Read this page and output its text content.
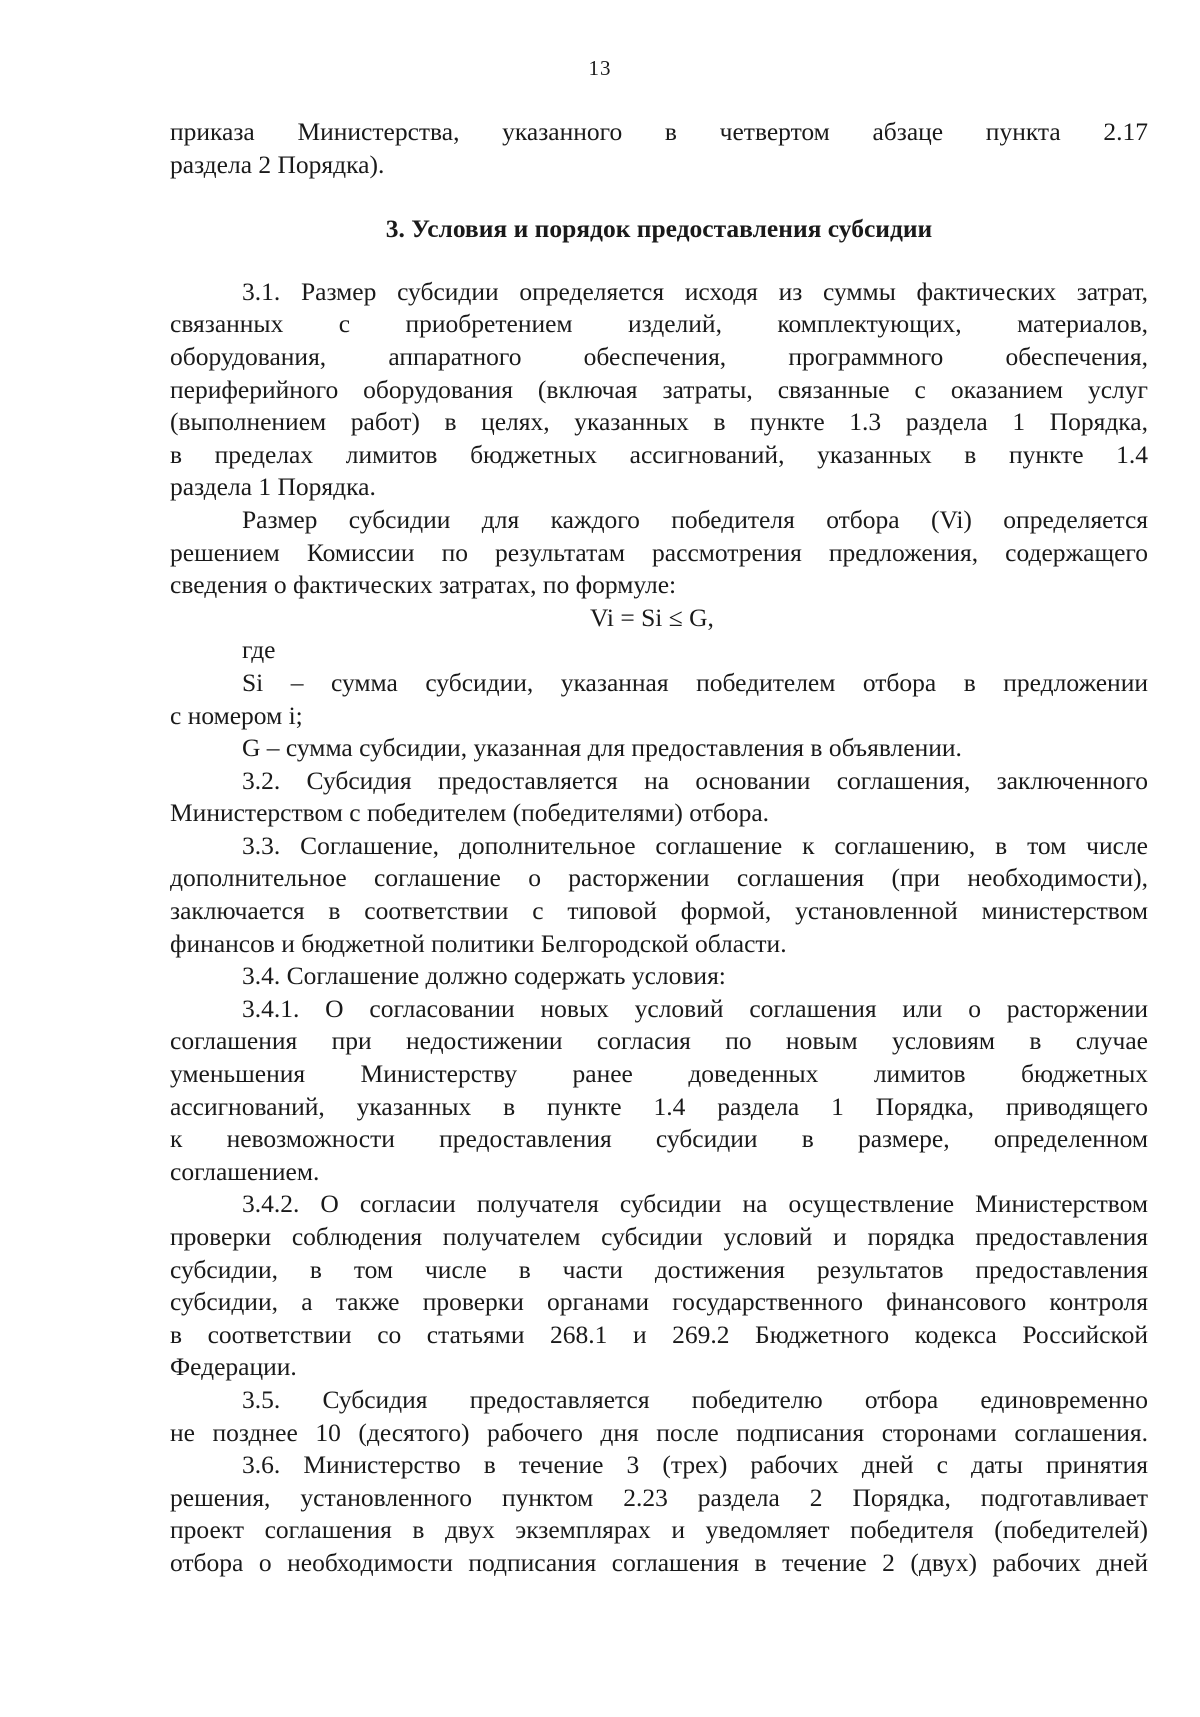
13

приказа Министерства, указанного в четвертом абзаце пункта 2.17

раздела 2 Порядка).

3. Условия и порядок предоставления субсидии

3.1. Размер субсидии определяется исходя из суммы фактических затрат,

связанных с приобретением изделий, комплектующих, материалов,

оборудования, аппаратного обеспечения, программного обеспечения,

периферийного оборудования (включая затраты, связанные с оказанием услуг

(выполнением работ) в целях, указанных в пункте 1.3 раздела 1 Порядка,

в пределах лимитов бюджетных ассигнований, указанных в пункте 1.4

раздела 1 Порядка.

Размер субсидии для каждого победителя отбора (Vi) определяется

решением Комиссии по результатам рассмотрения предложения, содержащего

сведения о фактических затратах, по формуле:

Vi = Si ≤ G,

где

Si – сумма субсидии, указанная победителем отбора в предложении

с номером i;

G – сумма субсидии, указанная для предоставления в объявлении.

3.2. Субсидия предоставляется на основании соглашения, заключенного

Министерством с победителем (победителями) отбора.

3.3. Соглашение, дополнительное соглашение к соглашению, в том числе

дополнительное соглашение о расторжении соглашения (при необходимости),

заключается в соответствии с типовой формой, установленной министерством

финансов и бюджетной политики Белгородской области.

3.4. Соглашение должно содержать условия:

3.4.1. О согласовании новых условий соглашения или о расторжении

соглашения при недостижении согласия по новым условиям в случае

уменьшения Министерству ранее доведенных лимитов бюджетных

ассигнований, указанных в пункте 1.4 раздела 1 Порядка, приводящего

к невозможности предоставления субсидии в размере, определенном

соглашением.

3.4.2. О согласии получателя субсидии на осуществление Министерством

проверки соблюдения получателем субсидии условий и порядка предоставления

субсидии, в том числе в части достижения результатов предоставления

субсидии, а также проверки органами государственного финансового контроля

в соответствии со статьями 268.1 и 269.2 Бюджетного кодекса Российской

Федерации.

3.5. Субсидия предоставляется победителю отбора единовременно

не позднее 10 (десятого) рабочего дня после подписания сторонами соглашения.

3.6. Министерство в течение 3 (трех) рабочих дней с даты принятия

решения, установленного пунктом 2.23 раздела 2 Порядка, подготавливает

проект соглашения в двух экземплярах и уведомляет победителя (победителей)

отбора о необходимости подписания соглашения в течение 2 (двух) рабочих дней
